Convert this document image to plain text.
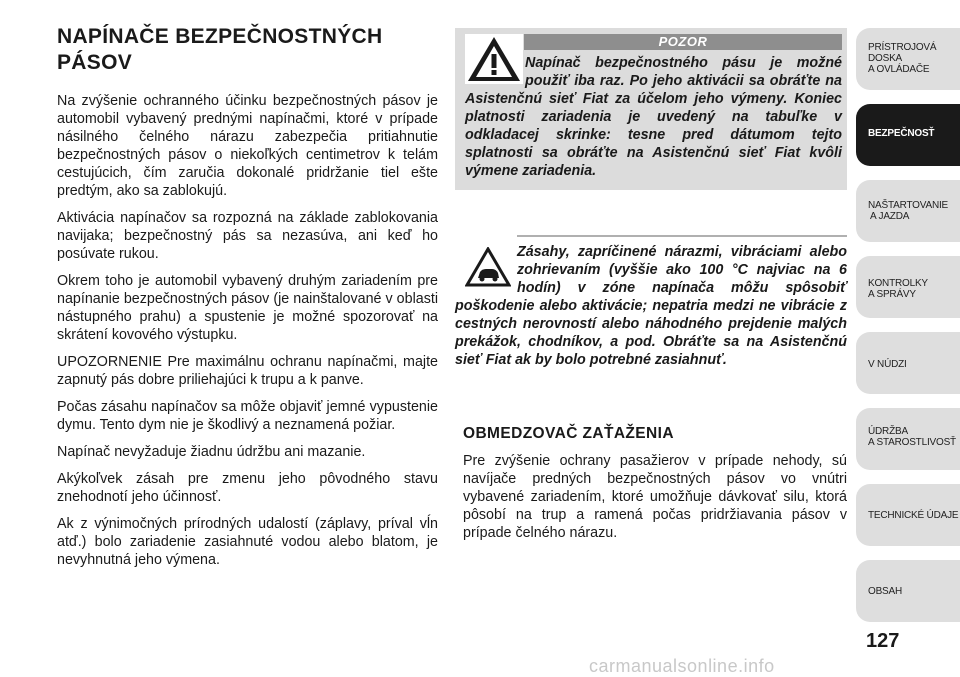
NAPÍNAČE BEZPEČNOSTNÝCH
PÁSOV

Na zvýšenie ochranného účinku bezpečnostných pásov je automobil vybavený prednými napínačmi, ktoré v prípade násilného čelného nárazu zabezpečia pritiahnutie bezpečnostných pásov o niekoľkých centimetrov k telám cestujúcich, čím zaručia dokonalé pridržanie tiel ešte predtým, ako sa zablokujú.

Aktivácia napínačov sa rozpozná na základe zablokovania navijaka; bezpečnostný pás sa nezasúva, ani keď ho posúvate rukou.

Okrem toho je automobil vybavený druhým zariadením pre napínanie bezpečnostných pásov (je nainštalované v oblasti nástupného prahu) a spustenie je možné spozorovať na skrátení kovového výstupku.

UPOZORNENIE Pre maximálnu ochranu napínačmi, majte zapnutý pás dobre priliehajúci k trupu a k panve.

Počas zásahu napínačov sa môže objaviť jemné vypustenie dymu. Tento dym nie je škodlivý a neznamená požiar.

Napínač nevyžaduje žiadnu údržbu ani mazanie.

Akýkoľvek zásah pre zmenu jeho pôvodného stavu znehodnotí jeho účinnosť.

Ak z výnimočných prírodných udalostí (záplavy, príval vĺn atď.) bolo zariadenie zasiahnuté vodou alebo blatom, je nevyhnutná jeho výmena.

POZOR

Napínač bezpečnostného pásu je možné použiť iba raz. Po jeho aktivácii sa obráťte na Asistenčnú sieť Fiat za účelom jeho výmeny. Koniec platnosti zariadenia je uvedený na tabuľke v odkladacej skrinke: tesne pred dátumom tejto splatnosti sa obráťte na Asistenčnú sieť Fiat kvôli výmene zariadenia.

Zásahy, zapríčinené nárazmi, vibráciami alebo zohrievaním (vyššie ako 100 °C najviac na 6 hodín) v zóne napínača môžu spôsobiť poškodenie alebo aktivácie; nepatria medzi ne vibrácie z cestných nerovností alebo náhodného prejdenie malých prekážok, chodníkov, a pod. Obráťte sa na Asistenčnú sieť Fiat ak by bolo potrebné zasiahnuť.

OBMEDZOVAČ ZAŤAŽENIA

Pre zvýšenie ochrany pasažierov v prípade nehody, sú navíjače predných bezpečnostných pásov vo vnútri vybavené zariadením, ktoré umožňuje dávkovať silu, ktorá pôsobí na trup a ramená počas pridržiavania pásov v prípade čelného nárazu.

PRÍSTROJOVÁ
DOSKA
A OVLÁDAČE
BEZPEČNOSŤ
NAŠTARTOVANIE
A JAZDA
KONTROLKY
A SPRÁVY
V NÚDZI
ÚDRŽBA
A STAROSTLIVOSŤ
TECHNICKÉ ÚDAJE
OBSAH
127
carmanualsonline.info
